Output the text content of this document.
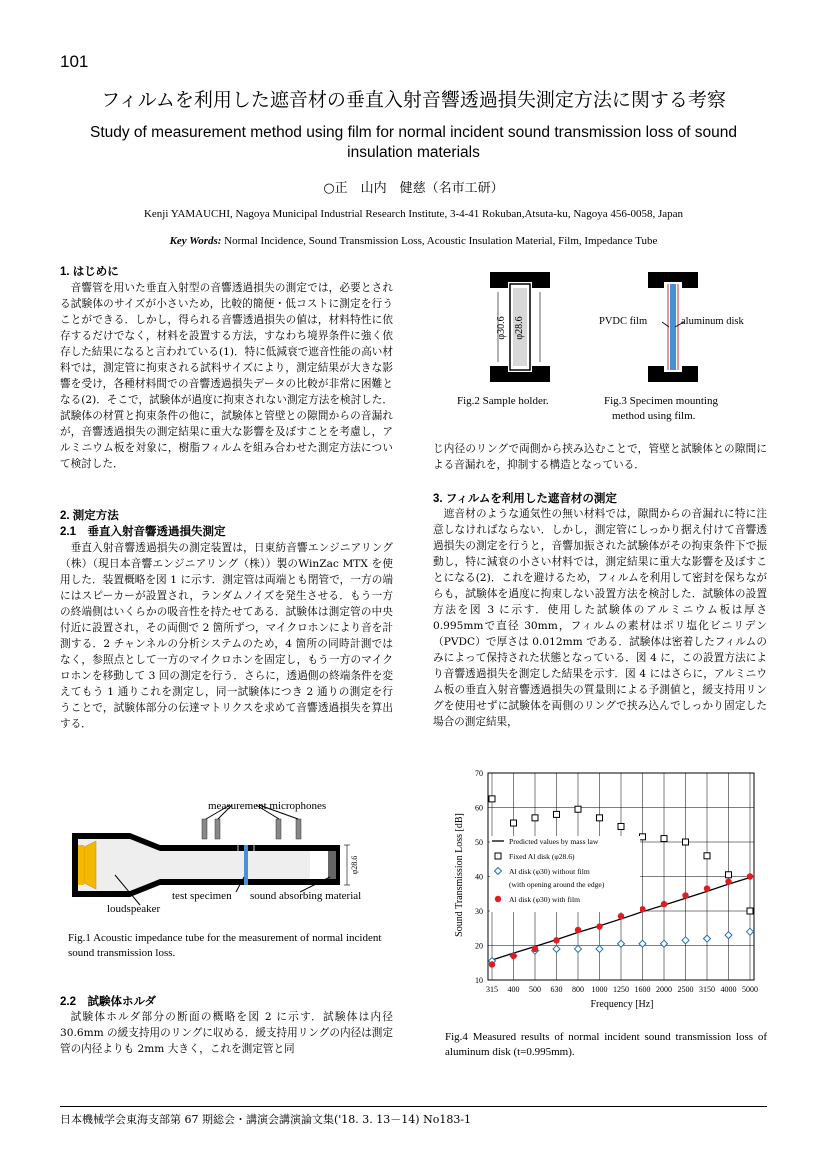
101
フィルムを利用した遮音材の垂直入射音響透過損失測定方法に関する考察
Study of measurement method using film for normal incident sound transmission loss of sound insulation materials
○正　山内　健慈（名市工研）
Kenji YAMAUCHI, Nagoya Municipal Industrial Research Institute, 3-4-41 Rokuban,Atsuta-ku, Nagoya 456-0058, Japan
Key Words: Normal Incidence, Sound Transmission Loss, Acoustic Insulation Material, Film, Impedance Tube
1. はじめに

音響管を用いた垂直入射型の音響透過損失の測定では，必要とされる試験体のサイズが小さいため，比較的簡便・低コストに測定を行うことができる．しかし，得られる音響透過損失の値は，材料特性に依存するだけでなく，材料を設置する方法，すなわち境界条件に強く依存した結果になると言われている(1)．特に低減衰で遮音性能の高い材料では，測定管に拘束される試料サイズにより，測定結果が大きな影響を受け，各種材料間での音響透過損失データの比較が非常に困難となる(2)．そこで，試験体が過度に拘束されない測定方法を検討した．試験体の材質と拘束条件の他に，試験体と管壁との隙間からの音漏れが，音響透過損失の測定結果に重大な影響を及ぼすことを考慮し，アルミニウム板を対象に，樹脂フィルムを組み合わせた測定方法について検討した．

2. 測定方法
2.1　垂直入射音響透過損失測定

垂直入射音響透過損失の測定装置は，日東紡音響エンジニアリング（株）（現日本音響エンジニアリング（株））製のWinZac MTX を使用した．装置概略を図 1 に示す．測定管は両端とも閉管で，一方の端にはスピーカーが設置され，ランダムノイズを発生させる．もう一方の終端側はいくらかの吸音性を持たせてある．試験体は測定管の中央付近に設置され，その両側で 2 箇所ずつ，マイクロホンにより音を計測する．2 チャンネルの分析システムのため，4 箇所の同時計測ではなく，参照点として一方のマイクロホンを固定し，もう一方のマイクロホンを移動して 3 回の測定を行う．さらに，透過側の終端条件を変えてもう 1 通りこれを測定し，同一試験体につき 2 通りの測定を行うことで，試験体部分の伝達マトリクスを求めて音響透過損失を算出する．

φ28.6
measurement microphones
test specimen sound absorbing material
loudspeaker
Fig.1 Acoustic impedance tube for the measurement of normal incident sound transmission loss.
2.2　試験体ホルダ

試験体ホルダ部分の断面の概略を図 2 に示す．試験体は内径 30.6mm の緩支持用のリングに収める．緩支持用リングの内径は測定管の内径よりも 2mm 大きく，これを測定管と同

φ30.6 φ28.6
Fig.2 Sample holder.
PVDC film	aluminum disk
Fig.3 Specimen mounting
method using film.

じ内径のリングで両側から挟み込むことで，管壁と試験体との隙間による音漏れを，抑制する構造となっている．

3. フィルムを利用した遮音材の測定

遮音材のような通気性の無い材料では，隙間からの音漏れに特に注意しなければならない．しかし，測定管にしっかり据え付けて音響透過損失の測定を行うと，音響加振された試験体がその拘束条件下で振動し，特に減衰の小さい材料では，測定結果に重大な影響を及ぼすことになる(2)．これを避けるため，フィルムを利用して密封を保ちながらも，試験体を過度に拘束しない設置方法を検討した．試験体の設置方法を図 3 に示す．使用した試験体のアルミニウム板は厚さ 0.995mmで直径 30mm，フィルムの素材はポリ塩化ビニリデン（PVDC）で厚さは 0.012mm である．試験体は密着したフィルムのみによって保持された状態となっている．図 4 に，この設置方法により音響透過損失を測定した結果を示す．図 4 にはさらに，アルミニウム板の垂直入射音響透過損失の質量則による予測値と，緩支持用リングを使用せずに試験体を両側のリングで挟み込んでしっかり固定した場合の測定結果，

Sound Transmission Loss [dB]
Frequency [Hz]
10
20
30
40
50
60
70
315 400 500 630 800 1000 1250 1600 2000 2500 3150 4000 5000
Predicted values by mass law
Fixed Al disk (φ28.6)
Al disk (φ30) without film
(with opening around the edge)
Al disk (φ30) with film
Fig.4 Measured results of normal incident sound transmission loss of aluminum disk (t=0.995mm).
日本機械学会東海支部第 67 期総会・講演会講演論文集('18. 3. 13－14) No183-1
